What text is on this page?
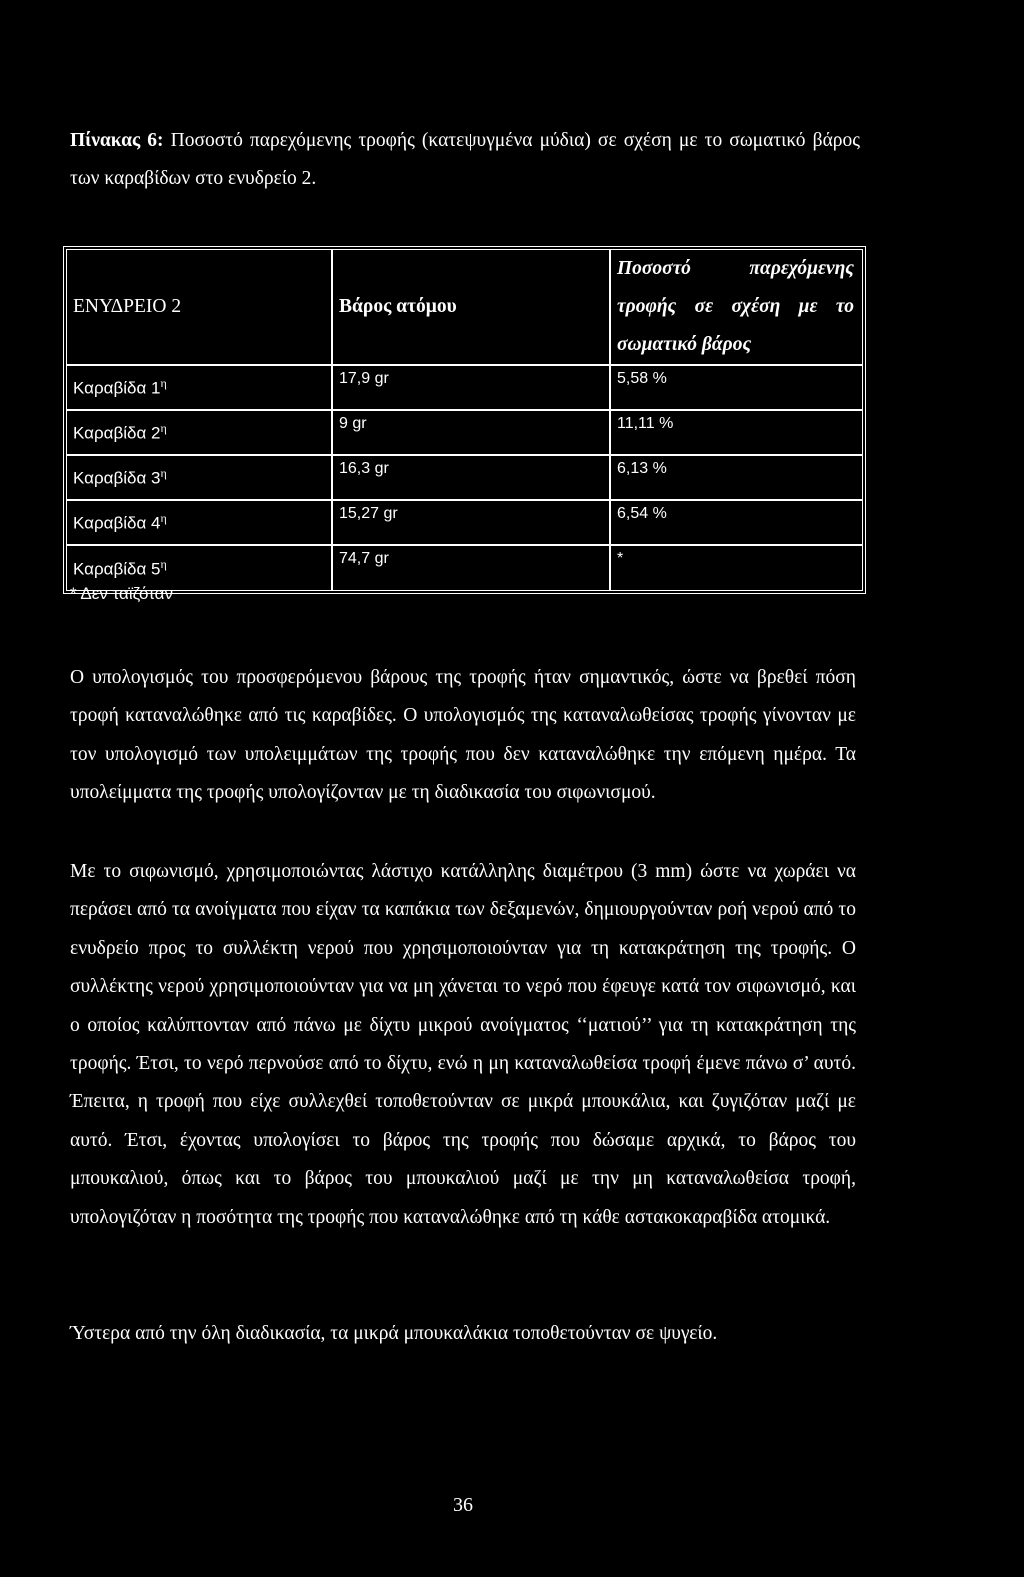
Πίνακας 6: Ποσοστό παρεχόμενης τροφής (κατεψυγμένα μύδια) σε σχέση με το σωματικό βάρος των καραβίδων στο ενυδρείο 2.
ΕΝΥΔΡΕΙΟ 2	Βάρος ατόμου	Ποσοστό παρεχόμενης τροφής σε σχέση με το σωματικό βάρος
Καραβίδα $1^\eta$	17,9 gr	5,58 %
Καραβίδα $2^\eta$	9 gr	11,11 %
Καραβίδα $3^\eta$	16,3 gr	6,13 %
Καραβίδα $4^\eta$	15,27 gr	6,54 %
Καραβίδα $5^\eta$	74,7 gr	*
* Δεν ταϊζόταν

Ο υπολογισμός του προσφερόμενου βάρους της τροφής ήταν σημαντικός, ώστε να βρεθεί πόση τροφή καταναλώθηκε από τις καραβίδες. Ο υπολογισμός της καταναλωθείσας τροφής γίνονταν με τον υπολογισμό των υπολειμμάτων της τροφής που δεν καταναλώθηκε την επόμενη ημέρα. Τα υπολείμματα της τροφής υπολογίζονταν με τη διαδικασία του σιφωνισμού.

Με το σιφωνισμό, χρησιμοποιώντας λάστιχο κατάλληλης διαμέτρου (3 mm) ώστε να χωράει να περάσει από τα ανοίγματα που είχαν τα καπάκια των δεξαμενών, δημιουργούνταν ροή νερού από το ενυδρείο προς το συλλέκτη νερού που χρησιμοποιούνταν για τη κατακράτηση της τροφής. Ο συλλέκτης νερού χρησιμοποιούνταν για να μη χάνεται το νερό που έφευγε κατά τον σιφωνισμό, και ο οποίος καλύπτονταν από πάνω με δίχτυ μικρού ανοίγματος ‘‘ματιού’’ για τη κατακράτηση της τροφής. Έτσι, το νερό περνούσε από το δίχτυ, ενώ η μη καταναλωθείσα τροφή έμενε πάνω σ’ αυτό. Έπειτα, η τροφή που είχε συλλεχθεί τοποθετούνταν σε μικρά μπουκάλια, και ζυγιζόταν μαζί με αυτό. Έτσι, έχοντας υπολογίσει το βάρος της τροφής που δώσαμε αρχικά, το βάρος του μπουκαλιού, όπως και το βάρος του μπουκαλιού μαζί με την μη καταναλωθείσα τροφή, υπολογιζόταν η ποσότητα της τροφής που καταναλώθηκε από τη κάθε αστακοκαραβίδα ατομικά.

Ύστερα από την όλη διαδικασία, τα μικρά μπουκαλάκια τοποθετούνταν σε ψυγείο.

36
